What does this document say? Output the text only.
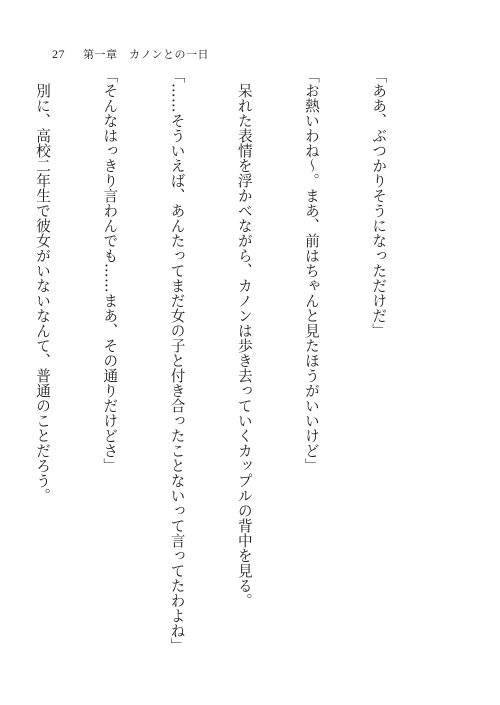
27 第一章　カノンとの一日

「ああ、ぶつかりそうになっただけだ」

「お熱いわね～。まあ、前はちゃんと見たほうがいいけど」

　呆れた表情を浮かべながら、カノンは歩き去っていくカップルの背中を見る。

「……そういえば、あんたってまだ女の子と付き合ったことないって言ってたわよね」

「そんなはっきり言わんでも……まあ、その通りだけどさ」

　別に、高校二年生で彼女がいないなんて、普通のことだろう。
